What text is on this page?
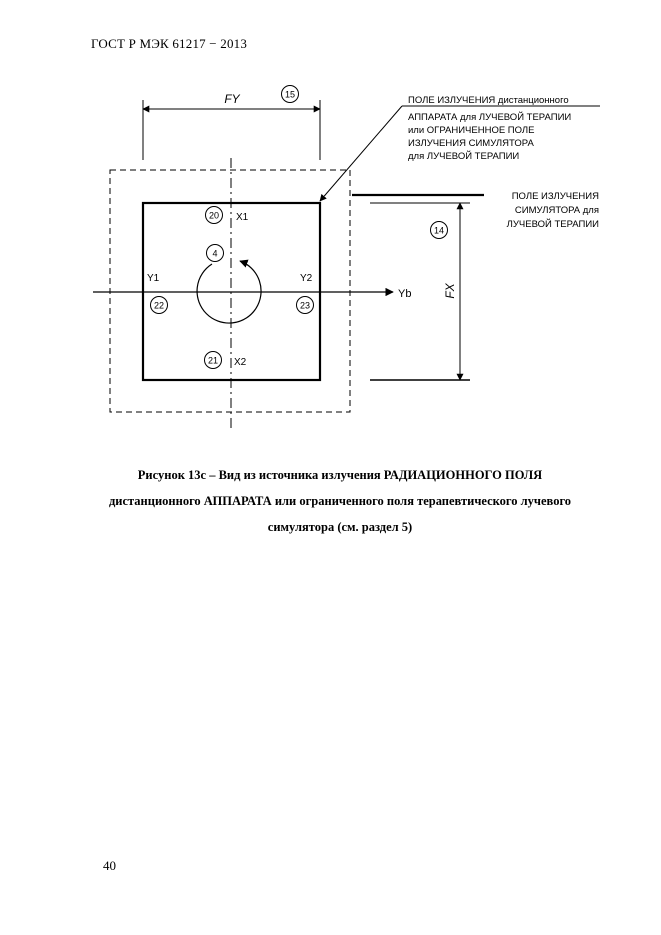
ГОСТ Р МЭК 61217 − 2013
FY	15
Yb
4
20 X1
21 X2
Y1
22
Y2
23
FX
14
ПОЛЕ ИЗЛУЧЕНИЯ дистанционного
АППАРАТА для ЛУЧЕВОЙ ТЕРАПИИ
или ОГРАНИЧЕННОЕ ПОЛЕ
ИЗЛУЧЕНИЯ СИМУЛЯТОРА
для ЛУЧЕВОЙ ТЕРАПИИ
ПОЛЕ ИЗЛУЧЕНИЯ
СИМУЛЯТОРА для
ЛУЧЕВОЙ ТЕРАПИИ
Рисунок 13с – Вид из источника излучения РАДИАЦИОННОГО ПОЛЯ
дистанционного АППАРАТА или ограниченного поля терапевтического лучевого
симулятора (см. раздел 5)
40
